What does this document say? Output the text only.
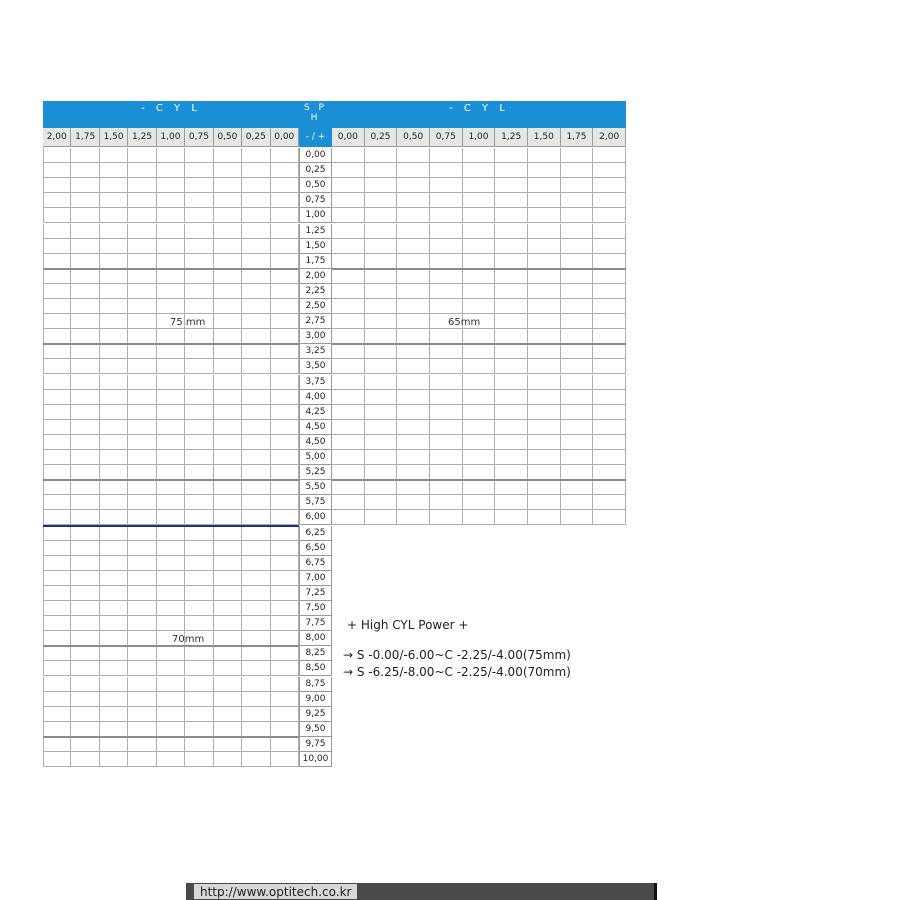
- C Y L	S P
H
- C Y L
2,00 1,75 1,50 1,25 1,00 0,75 0,50 0,25 0,00	- / +	0,00	0,25	0,50	0,75	1,00	1,25	1,50	1,75	2,00
0,00
0,25
0,50
0,75
1,00
1,25
1,50
1,75
2,00
2,25
2,50
2,75
3,00
3,25
3,50
3,75
4,00
4,25
4,50
4,50
5,00
5,25
5,50
5,75
6,00
6,25
6,50
6,75
7,00
7,25
7,50
7,75
8,00
8,25
8,50
8,75
9,00
9,25
9,50
9,75
10,00
75 mm	65mm
70mm
+ High CYL Power +
→ S -0.00/-6.00~C -2.25/-4.00(75mm)
→ S -6.25/-8.00~C -2.25/-4.00(70mm)
http://www.optitech.co.kr
